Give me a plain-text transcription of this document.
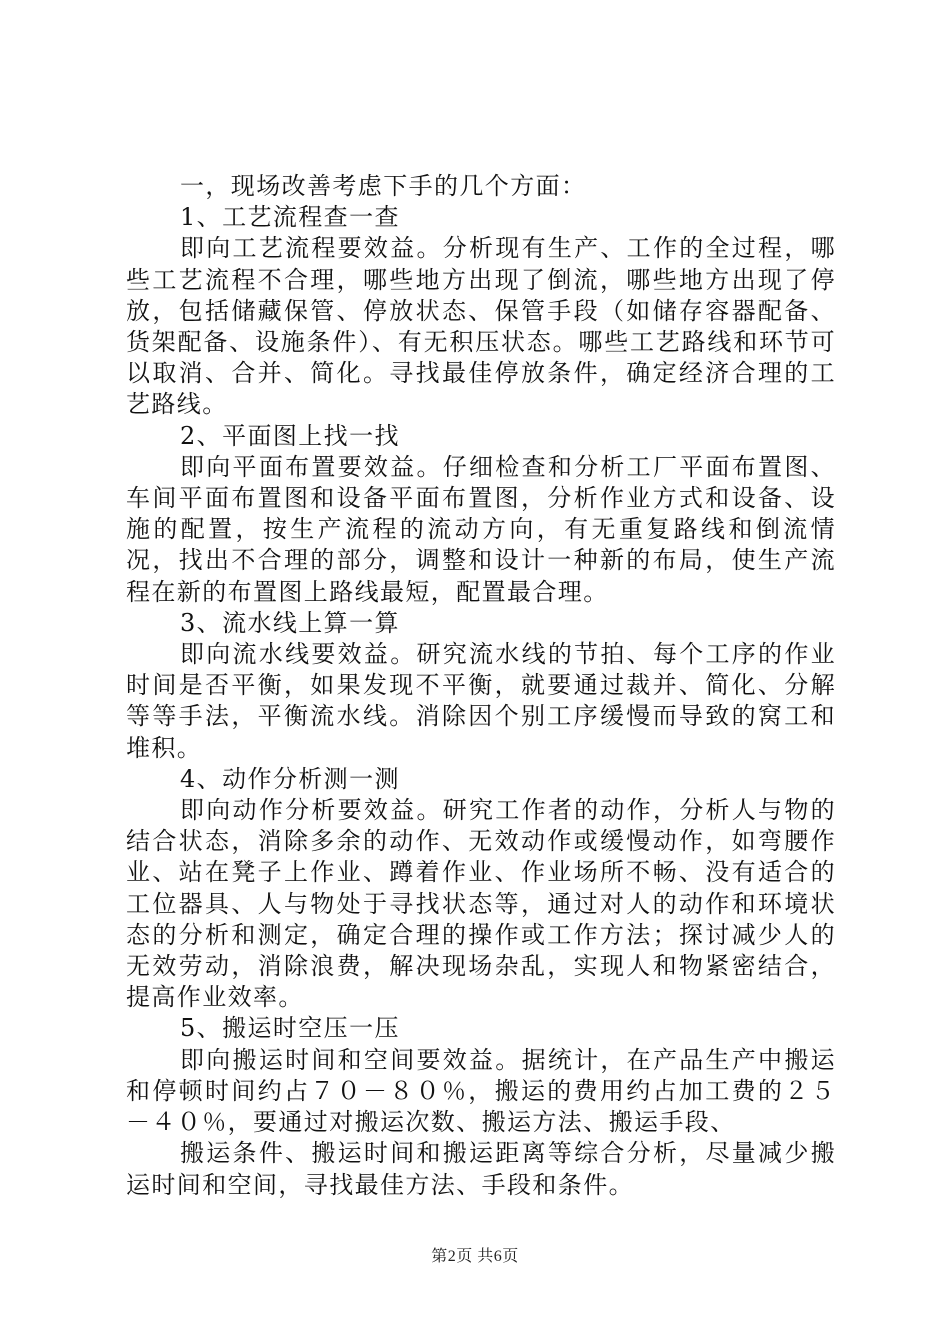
一，现场改善考虑下手的几个方面：

1、工艺流程查一查

即向工艺流程要效益。分析现有生产、工作的全过程，哪些工艺流程不合理，哪些地方出现了倒流，哪些地方出现了停放，包括储藏保管、停放状态、保管手段（如储存容器配备、货架配备、设施条件）、有无积压状态。哪些工艺路线和环节可以取消、合并、简化。寻找最佳停放条件，确定经济合理的工艺路线。

2、平面图上找一找

即向平面布置要效益。仔细检查和分析工厂平面布置图、车间平面布置图和设备平面布置图，分析作业方式和设备、设施的配置，按生产流程的流动方向，有无重复路线和倒流情况，找出不合理的部分，调整和设计一种新的布局，使生产流程在新的布置图上路线最短，配置最合理。

3、流水线上算一算

即向流水线要效益。研究流水线的节拍、每个工序的作业时间是否平衡，如果发现不平衡，就要通过裁并、简化、分解等等手法，平衡流水线。消除因个别工序缓慢而导致的窝工和堆积。

4、动作分析测一测

即向动作分析要效益。研究工作者的动作，分析人与物的结合状态，消除多余的动作、无效动作或缓慢动作，如弯腰作业、站在凳子上作业、蹲着作业、作业场所不畅、没有适合的工位器具、人与物处于寻找状态等，通过对人的动作和环境状态的分析和测定，确定合理的操作或工作方法；探讨减少人的无效劳动，消除浪费，解决现场杂乱，实现人和物紧密结合，提高作业效率。

5、搬运时空压一压

即向搬运时间和空间要效益。据统计，在产品生产中搬运和停顿时间约占７０－８０％，搬运的费用约占加工费的２５－４０％，要通过对搬运次数、搬运方法、搬运手段、

搬运条件、搬运时间和搬运距离等综合分析，尽量减少搬运时间和空间，寻找最佳方法、手段和条件。

第2页 共6页
